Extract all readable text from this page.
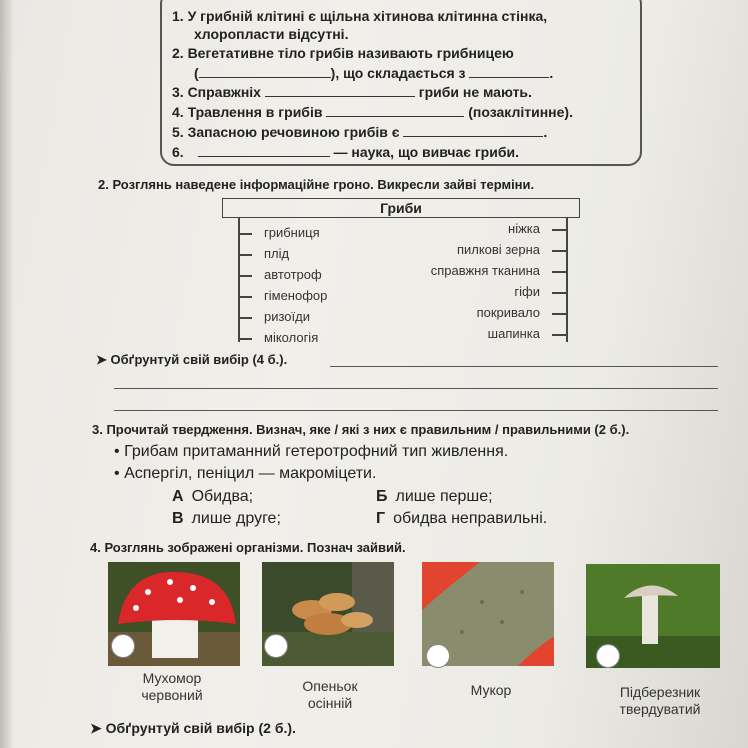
1. У грибній клітині є щільна хітинова клітинна стінка,
хлоропласти відсутні.
2. Вегетативне тіло грибів називають грибницею
(	), що складається з	.
3. Справжніх	гриби не мають.
4. Травлення в грибів	(позаклітинне).
5. Запасною речовиною грибів є	.
6.	— наука, що вивчає гриби.
2. Розглянь наведене інформаційне гроно. Викресли зайві терміни.
Гриби
грибниця
плід
автотроф
гіменофор
ризоїди
мікологія
ніжка
пилкові зерна
справжня тканина
гіфи
покривало
шапинка
➤ Обґрунтуй свій вибір (4 б.).
3. Прочитай твердження. Визнач, яке / які з них є правильним / правильними (2 б.).
• Грибам притаманний гетеротрофний тип живлення.
• Аспергіл, пеніцил — макроміцети.
А Обидва;	Б лише перше;
В лише друге;	Г обидва неправильні.
4. Розглянь зображені організми. Познач зайвий.
Мухомор
червоний
Опеньок
осінній
Мукор	Підберезник
твердуватий
➤ Обґрунтуй свій вибір (2 б.).
